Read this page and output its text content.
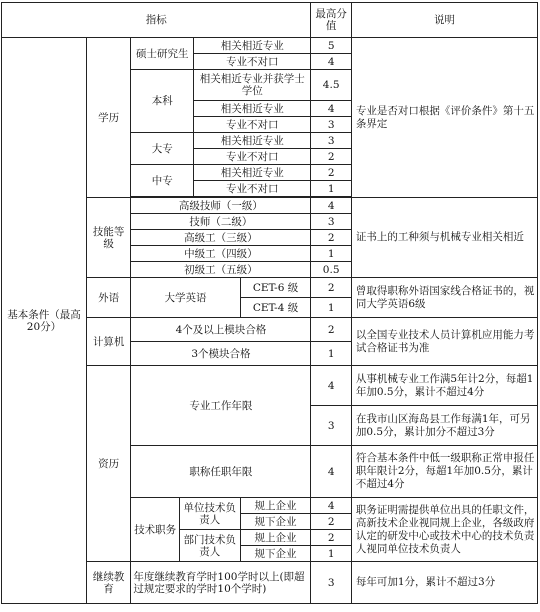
指标						最高分值	说明
基本条件（最高20分）	学历	硕士研究生		相关相近专业		5	专业是否对口根据《评价条件》第十五条界定
				专业不对口		4	
		本科		相关相近专业并获学士学位		4.5	
				相关相近专业		4	
				专业不对口		3	
		大专		相关相近专业		3	
				专业不对口		2	
		中专		相关相近专业		2	
				专业不对口		1	

	技能等级	高级技师（一级）				4	证书上的工种须与机械专业相关相近
		技师（二级）				3	
		高级工（三级）				2	
		中级工（四级）				1	
		初级工（五级）				0.5	
	外语	大学英语			CET-6 级	2	曾取得职称外语国家线合格证书的，视同大学英语6级
					CET-4 级	1	
	计算机	4个及以上模块合格				2	以全国专业技术人员计算机应用能力考试合格证书为准
		3个模块合格				1	
	资历	专业工作年限				4	从事机械专业工作满5年计2分，每超1年加0.5分，累计不超过4分
						3	在我市山区海岛县工作每满1年，可另加0.5分，累计加分不超过3分
		职称任职年限				4	符合基本条件中低一级职称正常申报任职年限计2分，每超1年加0.5分，累计不超过4分
		技术职务	单位技术负责人		规上企业	4	职务证明需提供单位出具的任职文件，高新技术企业视同规上企业，各级政府认定的研发中心或技术中心的技术负责人视同单位技术负责人
					规下企业	2	
			部门技术负责人		规上企业	2	
					规下企业	1	
	继续教育	年度继续教育学时100学时以上(即超过规定要求的学时10个学时)				3	每年可加1分，累计不超过3分
